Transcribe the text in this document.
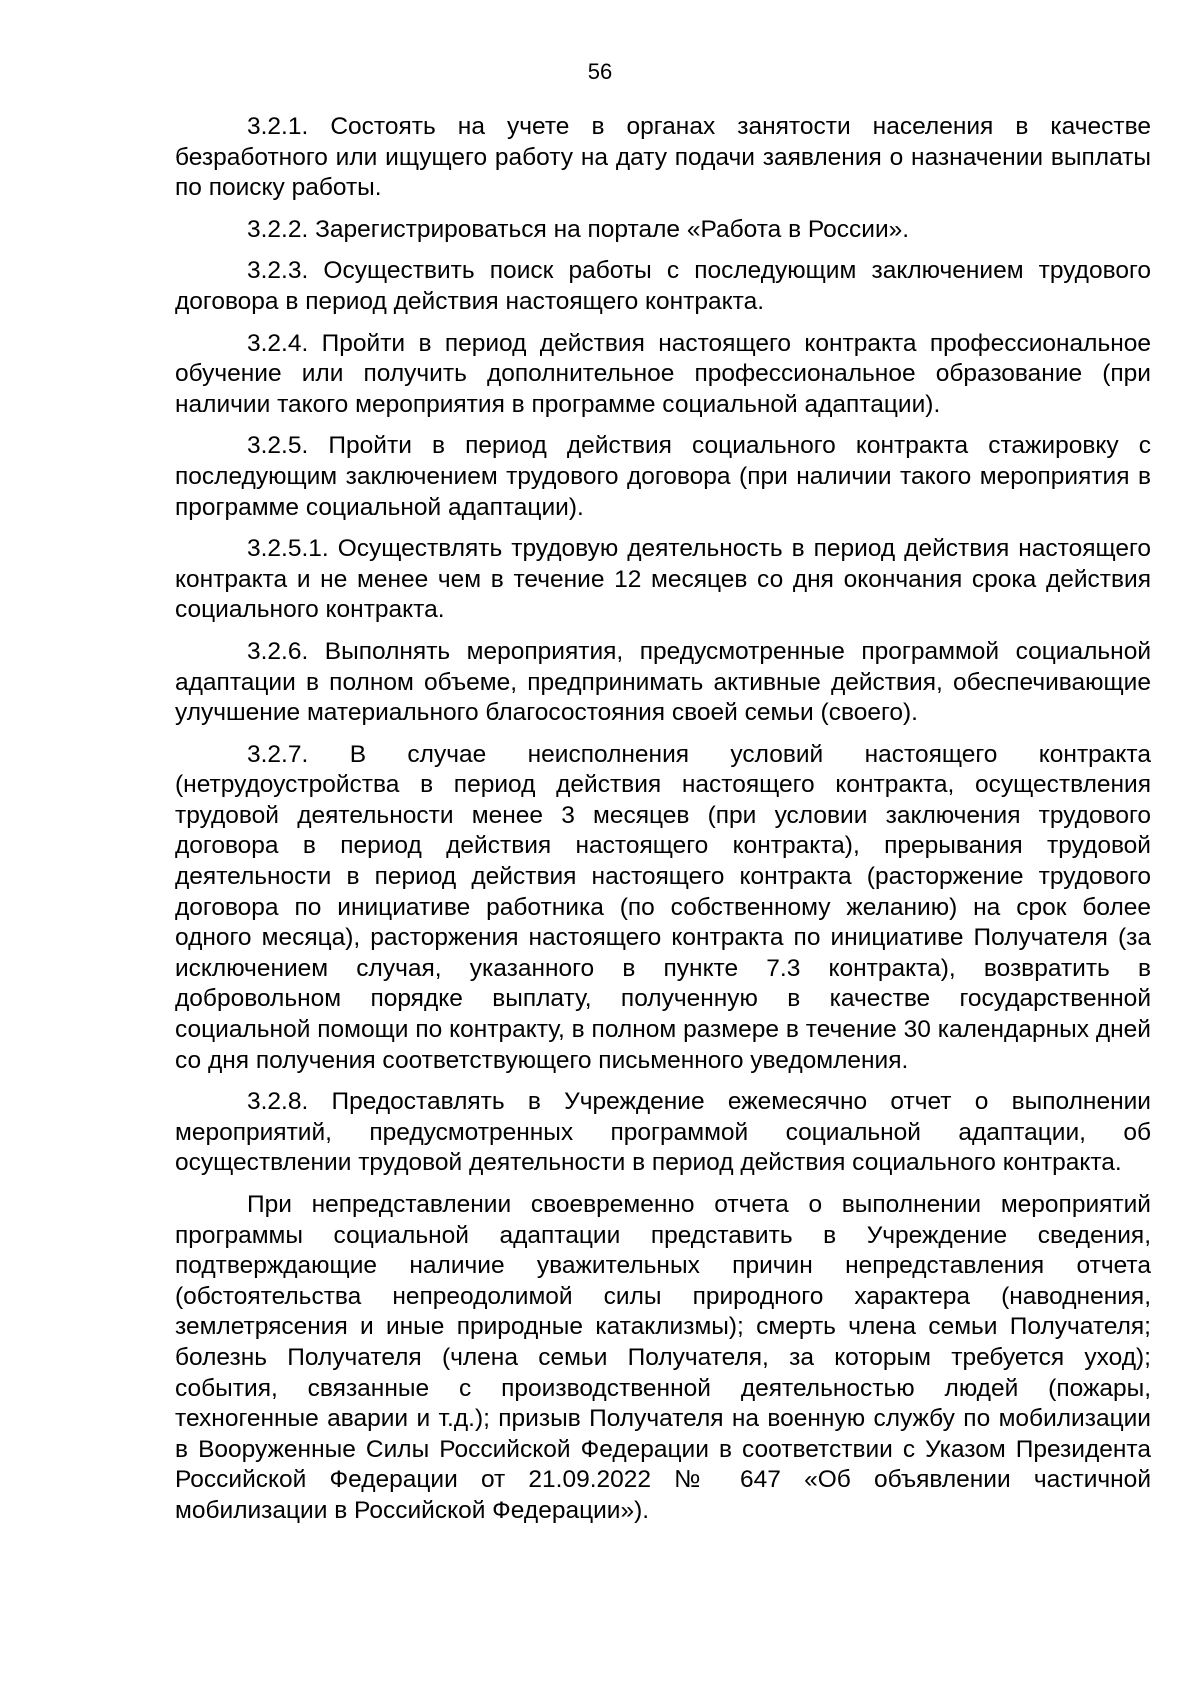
56

3.2.1. Состоять на учете в органах занятости населения в качестве безработного или ищущего работу на дату подачи заявления о назначении выплаты по поиску работы.

3.2.2. Зарегистрироваться на портале «Работа в России».

3.2.3. Осуществить поиск работы с последующим заключением трудового договора в период действия настоящего контракта.

3.2.4. Пройти в период действия настоящего контракта профессиональное обучение или получить дополнительное профессиональное образование (при наличии такого мероприятия в программе социальной адаптации).

3.2.5. Пройти в период действия социального контракта стажировку с последующим заключением трудового договора (при наличии такого мероприятия в программе социальной адаптации).

3.2.5.1. Осуществлять трудовую деятельность в период действия настоящего контракта и не менее чем в течение 12 месяцев со дня окончания срока действия социального контракта.

3.2.6. Выполнять мероприятия, предусмотренные программой социальной адаптации в полном объеме, предпринимать активные действия, обеспечивающие улучшение материального благосостояния своей семьи (своего).

3.2.7. В случае неисполнения условий настоящего контракта (нетрудоустройства в период действия настоящего контракта, осуществления трудовой деятельности менее 3 месяцев (при условии заключения трудового договора в период действия настоящего контракта), прерывания трудовой деятельности в период действия настоящего контракта (расторжение трудового договора по инициативе работника (по собственному желанию) на срок более одного месяца), расторжения настоящего контракта по инициативе Получателя (за исключением случая, указанного в пункте 7.3 контракта), возвратить в добровольном порядке выплату, полученную в качестве государственной социальной помощи по контракту, в полном размере в течение 30 календарных дней со дня получения соответствующего письменного уведомления.

3.2.8. Предоставлять в Учреждение ежемесячно отчет о выполнении мероприятий, предусмотренных программой социальной адаптации, об осуществлении трудовой деятельности в период действия социального контракта.

При непредставлении своевременно отчета о выполнении мероприятий программы социальной адаптации представить в Учреждение сведения, подтверждающие наличие уважительных причин непредставления отчета (обстоятельства непреодолимой силы природного характера (наводнения, землетрясения и иные природные катаклизмы); смерть члена семьи Получателя; болезнь Получателя (члена семьи Получателя, за которым требуется уход); события, связанные с производственной деятельностью людей (пожары, техногенные аварии и т.д.); призыв Получателя на военную службу по мобилизации в Вооруженные Силы Российской Федерации в соответствии с Указом Президента Российской Федерации от 21.09.2022 № 647 «Об объявлении частичной мобилизации в Российской Федерации»).
